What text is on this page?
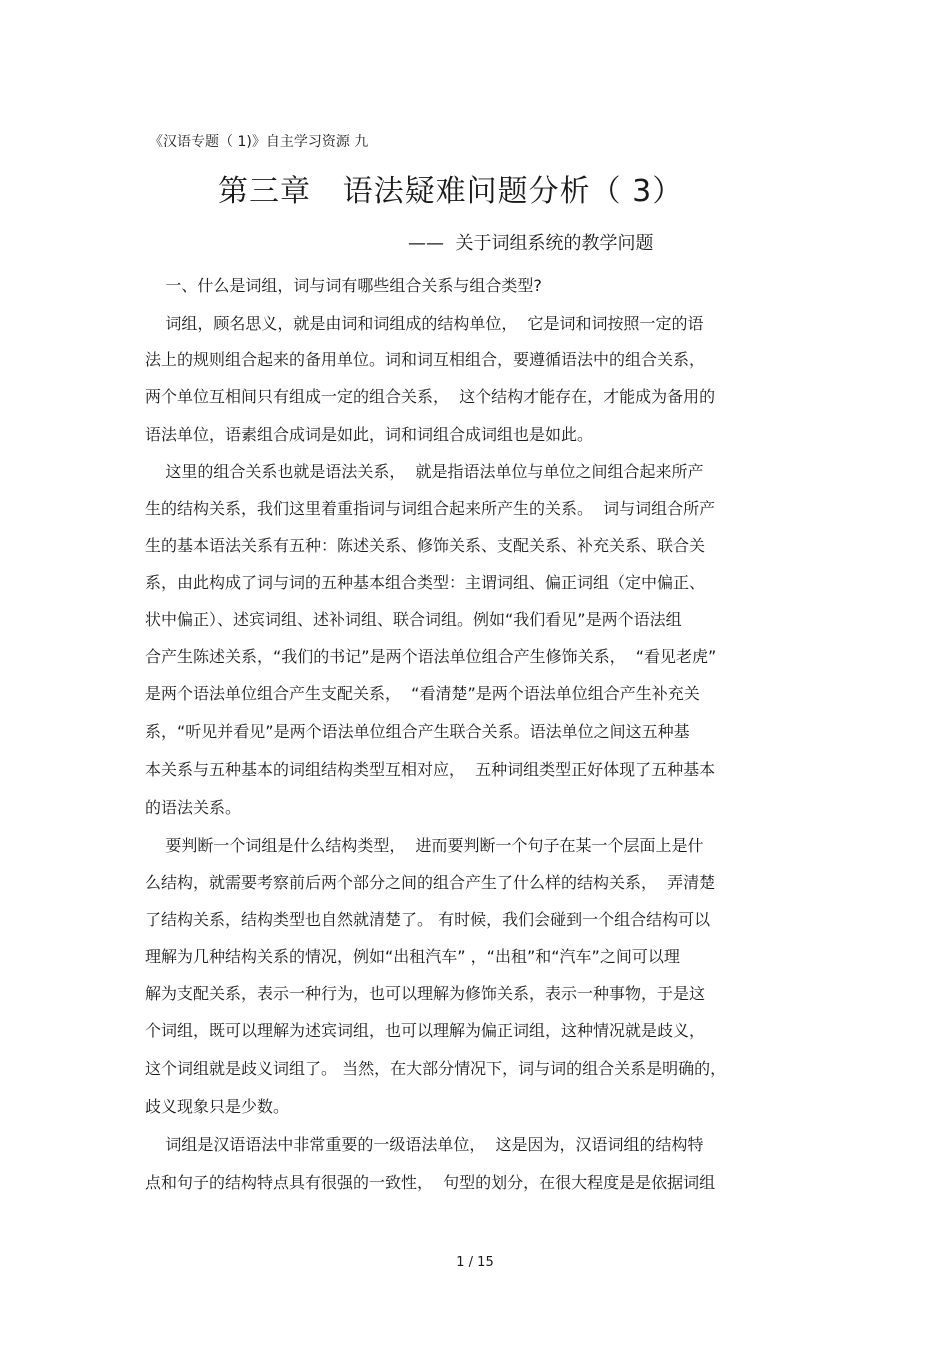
《汉语专题（ 1)》自主学习资源 九
第三章   语法疑难问题分析（ 3）
——  关于词组系统的教学问题
一、什么是词组，词与词有哪些组合关系与组合类型?
词组，顾名思义，就是由词和词组成的结构单位，  它是词和词按照一定的语
法上的规则组合起来的备用单位。词和词互相组合，要遵循语法中的组合关系，
两个单位互相间只有组成一定的组合关系，  这个结构才能存在，才能成为备用的
语法单位，语素组合成词是如此，词和词组合成词组也是如此。
这里的组合关系也就是语法关系，  就是指语法单位与单位之间组合起来所产
生的结构关系，我们这里着重指词与词组合起来所产生的关系。  词与词组合所产
生的基本语法关系有五种：陈述关系、修饰关系、支配关系、补充关系、联合关
系，由此构成了词与词的五种基本组合类型：主谓词组、偏正词组（定中偏正、
状中偏正）、述宾词组、述补词组、联合词组。例如“我们看见”是两个语法组
合产生陈述关系，“我们的书记”是两个语法单位组合产生修饰关系，  “看见老虎”
是两个语法单位组合产生支配关系，  “看清楚”是两个语法单位组合产生补充关
系，“听见并看见”是两个语法单位组合产生联合关系。语法单位之间这五种基
本关系与五种基本的词组结构类型互相对应，  五种词组类型正好体现了五种基本
的语法关系。
要判断一个词组是什么结构类型，  进而要判断一个句子在某一个层面上是什
么结构，就需要考察前后两个部分之间的组合产生了什么样的结构关系，  弄清楚
了结构关系，结构类型也自然就清楚了。 有时候，我们会碰到一个组合结构可以
理解为几种结构关系的情况，例如“出租汽车” ，“出租”和“汽车”之间可以理
解为支配关系，表示一种行为，也可以理解为修饰关系，表示一种事物，于是这
个词组，既可以理解为述宾词组，也可以理解为偏正词组，这种情况就是歧义，
这个词组就是歧义词组了。 当然，在大部分情况下，词与词的组合关系是明确的，
歧义现象只是少数。
词组是汉语语法中非常重要的一级语法单位，  这是因为，汉语词组的结构特
点和句子的结构特点具有很强的一致性，  句型的划分，在很大程度是是依据词组
1 / 15
